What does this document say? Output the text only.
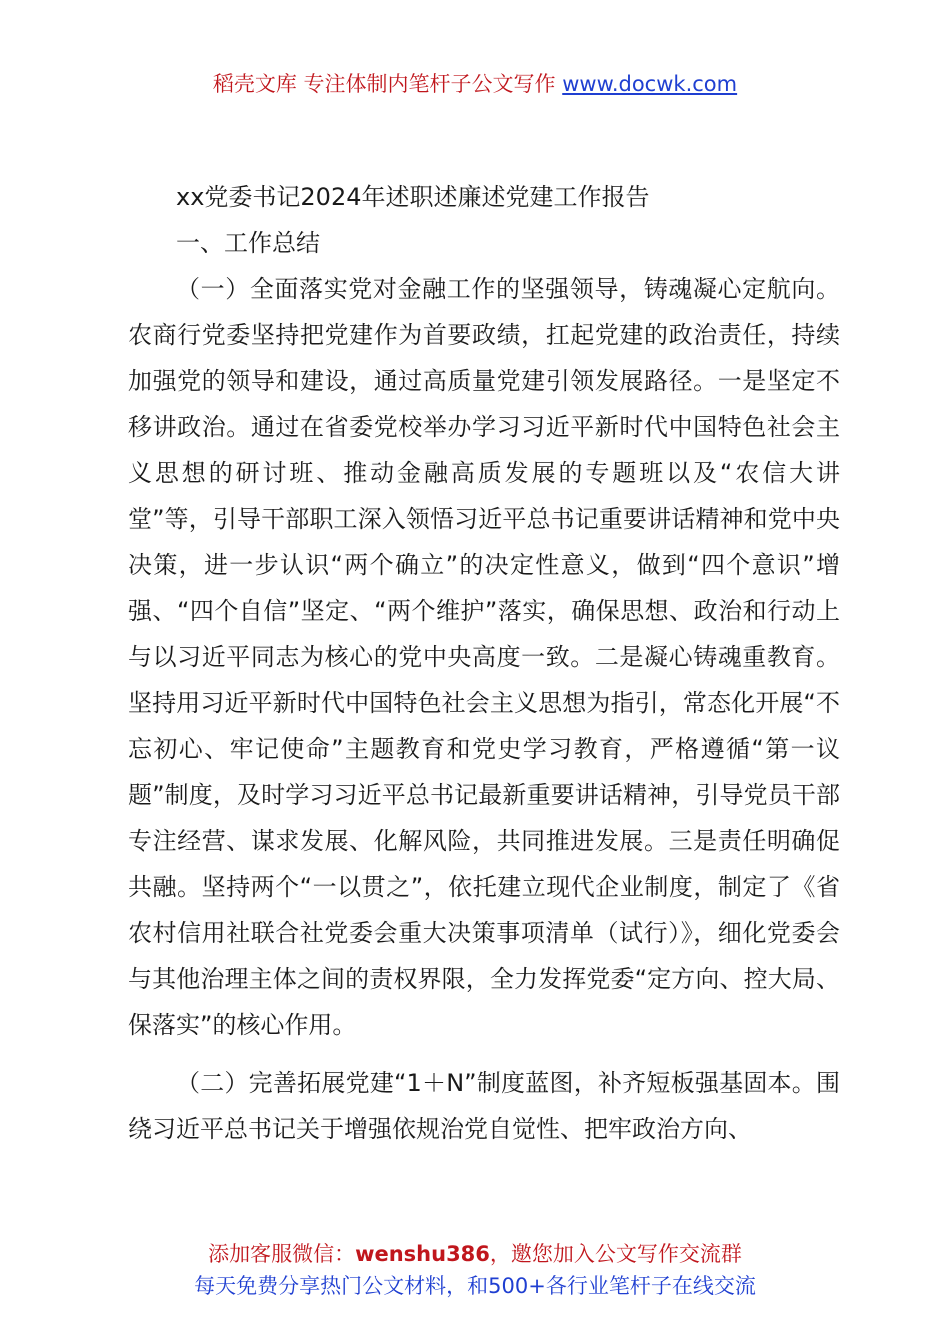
稻壳文库 专注体制内笔杆子公文写作 www.docwk.com

xx党委书记2024年述职述廉述党建工作报告

一、工作总结

（一）全面落实党对金融工作的坚强领导，铸魂凝心定航向。农商行党委坚持把党建作为首要政绩，扛起党建的政治责任，持续加强党的领导和建设，通过高质量党建引领发展路径。一是坚定不移讲政治。通过在省委党校举办学习习近平新时代中国特色社会主义思想的研讨班、推动金融高质发展的专题班以及“农信大讲堂”等，引导干部职工深入领悟习近平总书记重要讲话精神和党中央决策，进一步认识“两个确立”的决定性意义，做到“四个意识”增强、“四个自信”坚定、“两个维护”落实，确保思想、政治和行动上与以习近平同志为核心的党中央高度一致。二是凝心铸魂重教育。坚持用习近平新时代中国特色社会主义思想为指引，常态化开展“不忘初心、牢记使命”主题教育和党史学习教育，严格遵循“第一议题”制度，及时学习习近平总书记最新重要讲话精神，引导党员干部专注经营、谋求发展、化解风险，共同推进发展。三是责任明确促共融。坚持两个“一以贯之”，依托建立现代企业制度，制定了《省农村信用社联合社党委会重大决策事项清单（试行）》，细化党委会与其他治理主体之间的责权界限，全力发挥党委“定方向、控大局、保落实”的核心作用。

（二）完善拓展党建“1＋N”制度蓝图，补齐短板强基固本。围绕习近平总书记关于增强依规治党自觉性、把牢政治方向、

添加客服微信：wenshu386，邀您加入公文写作交流群
每天免费分享热门公文材料，和500+各行业笔杆子在线交流
